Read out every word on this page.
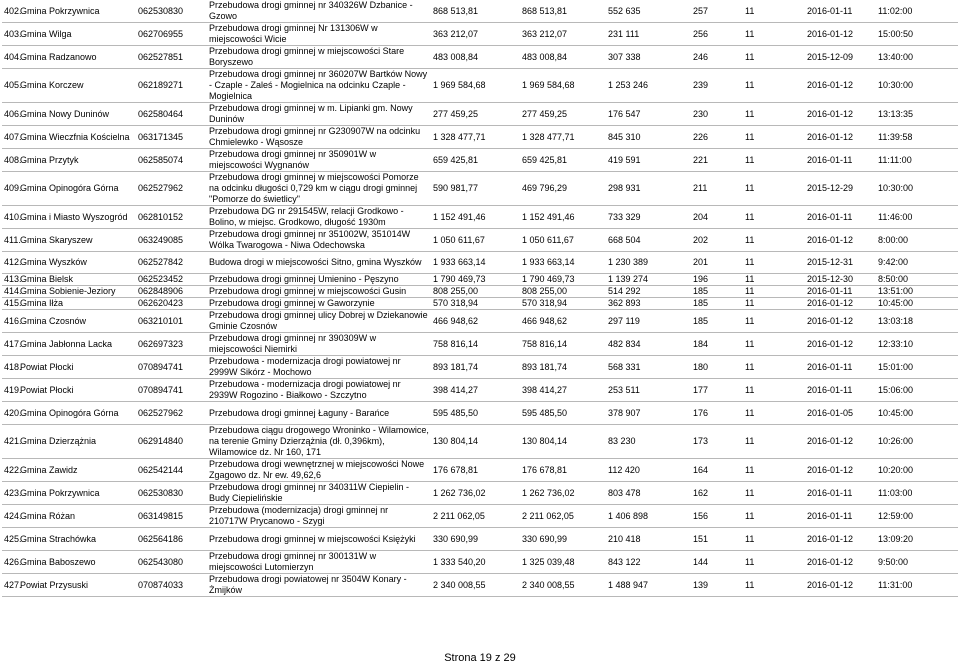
402.	Gmina Pokrzywnica	062530830	Przebudowa drogi gminnej nr 340326W Dzbanice - Gzowo	868 513,81	868 513,81	552 635	257	11	2016-01-11	11:02:00
403.	Gmina Wilga	062706955	Przebudowa drogi gminnej Nr 131306W w miejscowości Wicie	363 212,07	363 212,07	231 111	256	11	2016-01-12	15:00:50
404.	Gmina Radzanowo	062527851	Przebudowa drogi gminnej w miejscowości Stare Boryszewo	483 008,84	483 008,84	307 338	246	11	2015-12-09	13:40:00
405.	Gmina Korczew	062189271	Przebudowa drogi gminnej nr 360207W Bartków Nowy - Czaple - Zaleś - Mogielnica na odcinku Czaple - Mogielnica	1 969 584,68	1 969 584,68	1 253 246	239	11	2016-01-12	10:30:00
406.	Gmina Nowy Duninów	062580464	Przebudowa drogi gminnej w m. Lipianki gm. Nowy Duninów	277 459,25	277 459,25	176 547	230	11	2016-01-12	13:13:35
407.	Gmina Wieczfnia Kościelna	063171345	Przebudowa drogi gminnej nr G230907W na odcinku Chmielewko - Wąsosze	1 328 477,71	1 328 477,71	845 310	226	11	2016-01-12	11:39:58
408.	Gmina Przytyk	062585074	Przebudowa drogi gminnej nr 350901W w miejscowości Wygnanów	659 425,81	659 425,81	419 591	221	11	2016-01-11	11:11:00
409.	Gmina Opinogóra Górna	062527962	Przebudowa drogi gminnej w miejscowości Pomorze na odcinku długości 0,729 km w ciągu drogi gminnej "Pomorze do świetlicy"	590 981,77	469 796,29	298 931	211	11	2015-12-29	10:30:00
410.	Gmina i Miasto Wyszogród	062810152	Przebudowa DG nr 291545W, relacji Grodkowo - Bolino, w miejsc. Grodkowo, długość 1930m	1 152 491,46	1 152 491,46	733 329	204	11	2016-01-11	11:46:00
411.	Gmina Skaryszew	063249085	Przebudowa drogi gminnej nr 351002W, 351014W Wólka Twarogowa - Niwa Odechowska	1 050 611,67	1 050 611,67	668 504	202	11	2016-01-12	8:00:00
412.	Gmina Wyszków	062527842	Budowa drogi w miejscowości Sitno, gmina Wyszków	1 933 663,14	1 933 663,14	1 230 389	201	11	2015-12-31	9:42:00
413.	Gmina Bielsk	062523452	Przebudowa drogi gminnej Umienino - Pęszyno	1 790 469,73	1 790 469,73	1 139 274	196	11	2015-12-30	8:50:00
414.	Gmina Sobienie-Jeziory	062848906	Przebudowa drogi gminnej w miejscowości Gusin	808 255,00	808 255,00	514 292	185	11	2016-01-11	13:51:00
415.	Gmina Iłża	062620423	Przebudowa drogi gminnej w Gaworzynie	570 318,94	570 318,94	362 893	185	11	2016-01-12	10:45:00
416.	Gmina Czosnów	063210101	Przebudowa drogi gminnej ulicy Dobrej w Dziekanowie Gminie Czosnów	466 948,62	466 948,62	297 119	185	11	2016-01-12	13:03:18
417.	Gmina Jabłonna Lacka	062697323	Przebudowa drogi gminnej nr 390309W w miejscowości Niemirki	758 816,14	758 816,14	482 834	184	11	2016-01-12	12:33:10
418.	Powiat Płocki	070894741	Przebudowa - modernizacja drogi powiatowej nr 2999W Sikórz - Mochowo	893 181,74	893 181,74	568 331	180	11	2016-01-11	15:01:00
419.	Powiat Płocki	070894741	Przebudowa - modernizacja drogi powiatowej nr 2939W Rogozino - Białkowo - Szczytno	398 414,27	398 414,27	253 511	177	11	2016-01-11	15:06:00
420.	Gmina Opinogóra Górna	062527962	Przebudowa drogi gminnej Łaguny - Barańce	595 485,50	595 485,50	378 907	176	11	2016-01-05	10:45:00
421.	Gmina Dzierzążnia	062914840	Przebudowa ciągu drogowego Wroninko - Wilamowice, na terenie Gminy Dzierzążnia (dł. 0,396km), Wilamowice dz. Nr 160, 171	130 804,14	130 804,14	83 230	173	11	2016-01-12	10:26:00
422.	Gmina Zawidz	062542144	Przebudowa drogi wewnętrznej w miejscowości Nowe Zgagowo dz. Nr ew. 49,62,6	176 678,81	176 678,81	112 420	164	11	2016-01-12	10:20:00
423.	Gmina Pokrzywnica	062530830	Przebudowa drogi gminnej nr 340311W Ciepielin - Budy Ciepielińskie	1 262 736,02	1 262 736,02	803 478	162	11	2016-01-11	11:03:00
424.	Gmina Różan	063149815	Przebudowa (modernizacja) drogi gminnej nr 210717W Prycanowo - Szygi	2 211 062,05	2 211 062,05	1 406 898	156	11	2016-01-11	12:59:00
425.	Gmina Strachówka	062564186	Przebudowa drogi gminnej w miejscowości Księżyki	330 690,99	330 690,99	210 418	151	11	2016-01-12	13:09:20
426.	Gmina Baboszewo	062543080	Przebudowa drogi gminnej nr 300131W w miejscowości Lutomierzyn	1 333 540,20	1 325 039,48	843 122	144	11	2016-01-12	9:50:00
427.	Powiat Przysuski	070874033	Przebudowa drogi powiatowej nr 3504W Konary - Żmijków	2 340 008,55	2 340 008,55	1 488 947	139	11	2016-01-12	11:31:00
Strona 19 z 29
